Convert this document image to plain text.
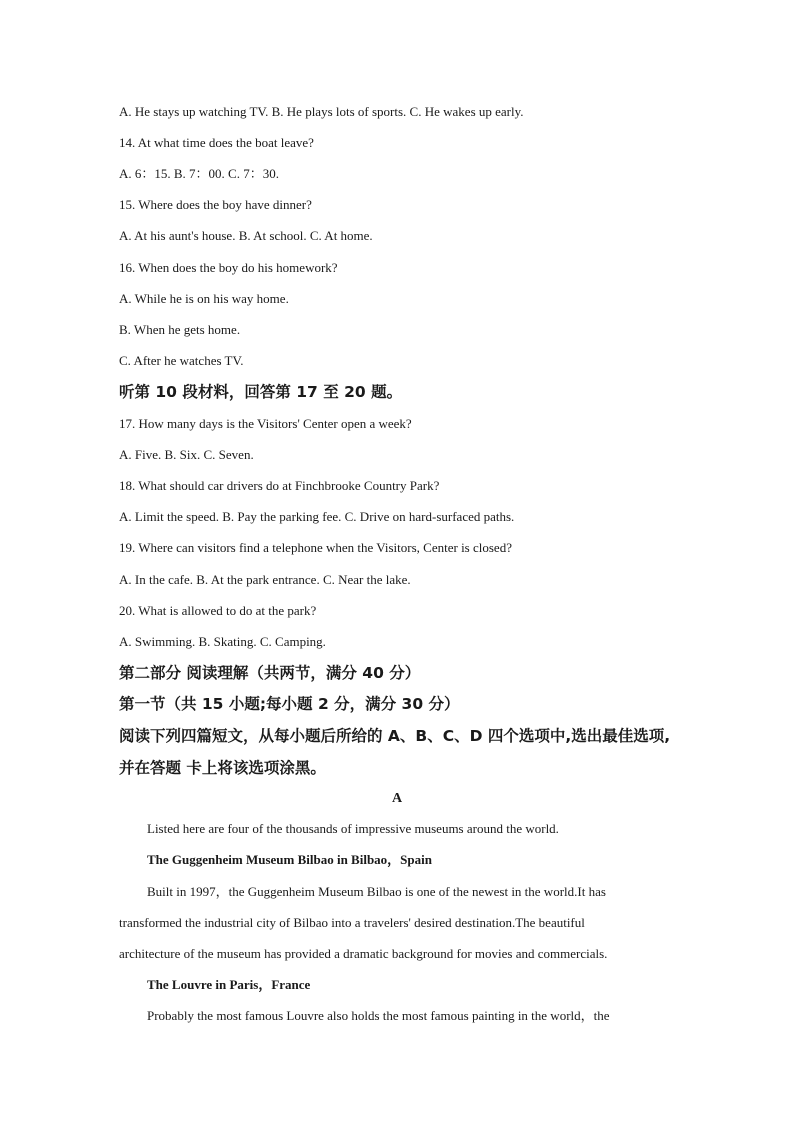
A. He stays up watching TV. B. He plays lots of sports. C. He wakes up early.
14. At what time does the boat leave?
A. 6：15. B. 7：00. C. 7：30.
15. Where does the boy have dinner?
A. At his aunt's house. B. At school. C. At home.
16. When does the boy do his homework?
A. While he is on his way home.
B. When he gets home.
C. After he watches TV.
听第 10 段材料，回答第 17 至 20 题。
17. How many days is the Visitors' Center open a week?
A. Five. B. Six. C. Seven.
18. What should car drivers do at Finchbrooke Country Park?
A. Limit the speed. B. Pay the parking fee. C. Drive on hard-surfaced paths.
19. Where can visitors find a telephone when the Visitors, Center is closed?
A. In the cafe. B. At the park entrance. C. Near the lake.
20. What is allowed to do at the park?
A. Swimming. B. Skating. C. Camping.
第二部分 阅读理解（共两节，满分 40 分）
第一节（共 15 小题;每小题 2 分，满分 30 分）
阅读下列四篇短文，从每小题后所给的 A、B、C、D 四个选项中,选出最佳选项,
并在答题 卡上将该选项涂黑。
A
Listed here are four of the thousands of impressive museums around the world.
The Guggenheim Museum Bilbao in Bilbao，Spain
Built in 1997，the Guggenheim Museum Bilbao is one of the newest in the world.It has
transformed the industrial city of Bilbao into a travelers' desired destination.The beautiful
architecture of the museum has provided a dramatic background for movies and commercials.
The Louvre in Paris，France
Probably the most famous Louvre also holds the most famous painting in the world，the
